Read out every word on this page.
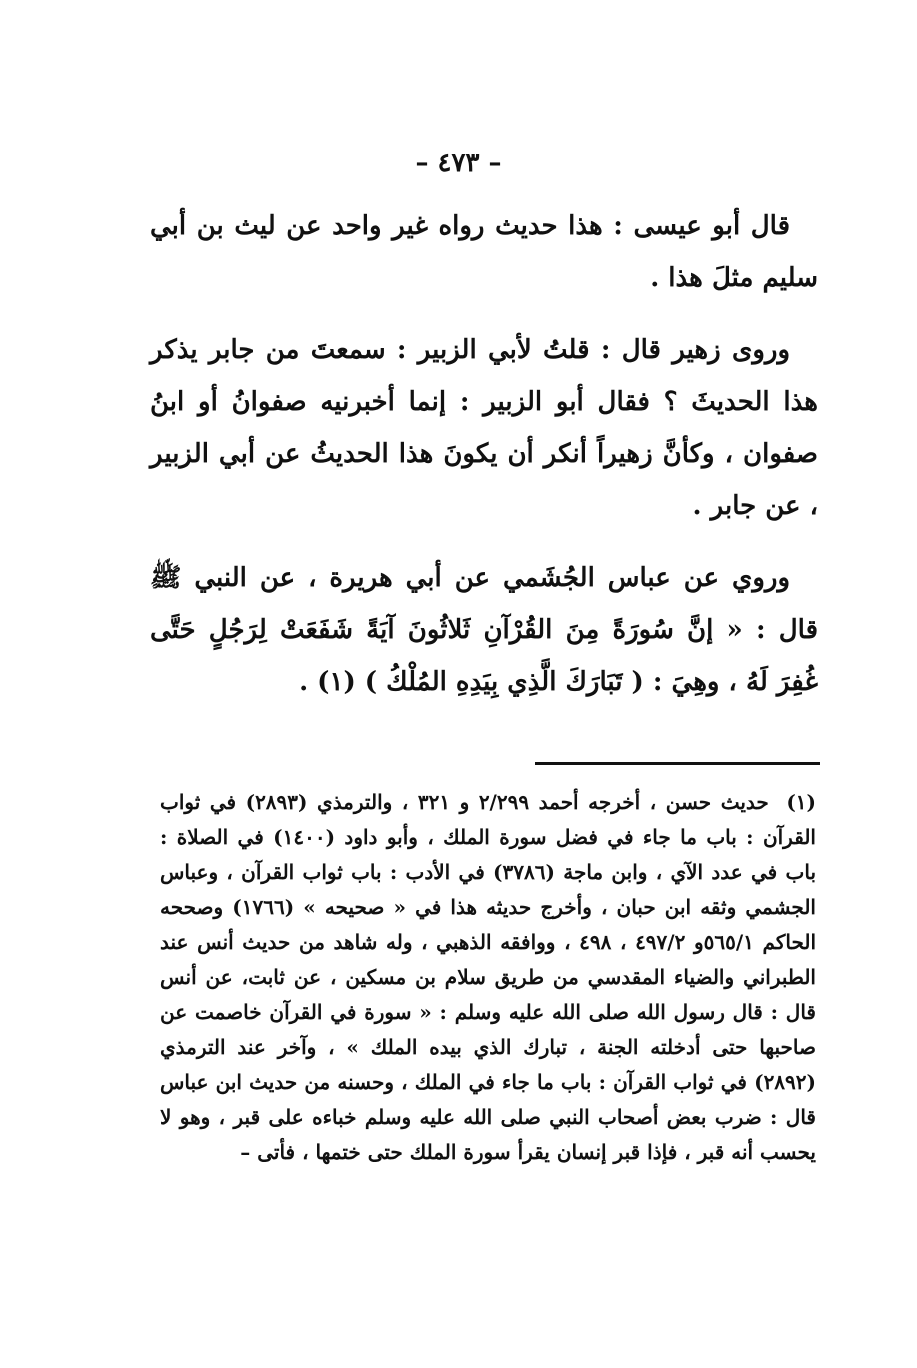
– ٤٧٣ –

قال أبو عيسى : هذا حديث رواه غير واحد عن ليث بن أبي سليم مثلَ هذا .

وروى زهير قال : قلتُ لأبي الزبير : سمعتَ من جابر يذكر هذا الحديثَ ؟ فقال أبو الزبير : إنما أخبرنيه صفوانُ أو ابنُ صفوان ، وكأنَّ زهيراً أنكر أن يكونَ هذا الحديثُ عن أبي الزبير ، عن جابر .

وروي عن عباس الجُشَمي عن أبي هريرة ، عن النبي ﷺ قال : « إنَّ سُورَةً مِنَ القُرْآنِ ثَلاثُونَ آيَةً شَفَعَتْ لِرَجُلٍ حَتَّى غُفِرَ لَهُ ، وهِيَ : ( تَبَارَكَ الَّذِي بِيَدِهِ المُلْكُ ) (١) .

(١) حديث حسن ، أخرجه أحمد ٢/٢٩٩ و ٣٢١ ، والترمذي (٢٨٩٣) في ثواب القرآن : باب ما جاء في فضل سورة الملك ، وأبو داود (١٤٠٠) في الصلاة : باب في عدد الآي ، وابن ماجة (٣٧٨٦) في الأدب : باب ثواب القرآن ، وعباس الجشمي وثقه ابن حبان ، وأخرج حديثه هذا في « صحيحه » (١٧٦٦) وصححه الحاكم ٥٦٥/١و ٤٩٧/٢ ، ٤٩٨ ، ووافقه الذهبي ، وله شاهد من حديث أنس عند الطبراني والضياء المقدسي من طريق سلام بن مسكين ، عن ثابت، عن أنس قال : قال رسول الله صلى الله عليه وسلم : « سورة في القرآن خاصمت عن صاحبها حتى أدخلته الجنة ، تبارك الذي بيده الملك » ، وآخر عند الترمذي (٢٨٩٢) في ثواب القرآن : باب ما جاء في الملك ، وحسنه من حديث ابن عباس قال : ضرب بعض أصحاب النبي صلى الله عليه وسلم خباءه على قبر ، وهو لا يحسب أنه قبر ، فإذا قبر إنسان يقرأ سورة الملك حتى ختمها ، فأتى –
